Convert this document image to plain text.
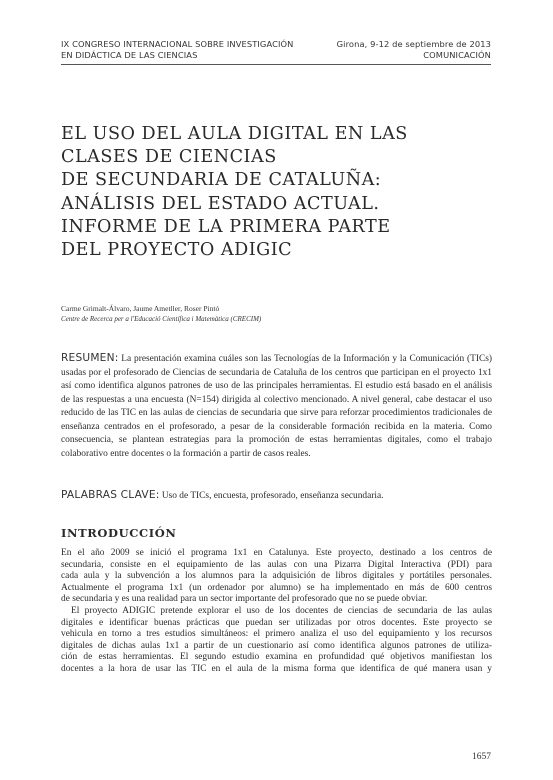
IX CONGRESO INTERNACIONAL SOBRE INVESTIGACIÓN
EN DIDÁCTICA DE LAS CIENCIAS
Girona, 9-12 de septiembre de 2013
COMUNICACIÓN
EL USO DEL AULA DIGITAL EN LAS
CLASES DE CIENCIAS
DE SECUNDARIA DE CATALUÑA:
ANÁLISIS DEL ESTADO ACTUAL.
INFORME DE LA PRIMERA PARTE
DEL PROYECTO ADIGIC
Carme Grimalt-Álvaro, Jaume Ametller, Roser Pintó
Centre de Recerca per a l'Educació Científica i Matemàtica (CRECIM)

RESUMEN: La presentación examina cuáles son las Tecnologías de la Información y la Comunicación (TICs) usadas por el profesorado de Ciencias de secundaria de Cataluña de los centros que participan en el proyecto 1x1 así como identifica algunos patrones de uso de las principales herramientas. El estudio está basado en el análisis de las respuestas a una encuesta (N=154) dirigida al colectivo mencionado. A nivel general, cabe destacar el uso reducido de las TIC en las aulas de ciencias de secundaria que sirve para reforzar procedimientos tradicionales de enseñanza centrados en el profesorado, a pesar de la considerable formación recibida en la materia. Como consecuencia, se plantean estrategias para la promoción de estas herramientas digitales, como el trabajo colaborativo entre docentes o la formación a partir de casos reales.

PALABRAS CLAVE: Uso de TICs, encuesta, profesorado, enseñanza secundaria.

INTRODUCCIÓN
En el año 2009 se inició el programa 1x1 en Catalunya. Este proyecto, destinado a los centros de
secundaria, consiste en el equipamiento de las aulas con una Pizarra Digital Interactiva (PDI) para
cada aula y la subvención a los alumnos para la adquisición de libros digitales y portátiles personales.
Actualmente el programa 1x1 (un ordenador por alumno) se ha implementado en más de 600 centros
de secundaria y es una realidad para un sector importante del profesorado que no se puede obviar.
El proyecto ADIGIC pretende explorar el uso de los docentes de ciencias de secundaria de las aulas
digitales e identificar buenas prácticas que puedan ser utilizadas por otros docentes. Este proyecto se
vehicula en torno a tres estudios simultáneos: el primero analiza el uso del equipamiento y los recursos
digitales de dichas aulas 1x1 a partir de un cuestionario así como identifica algunos patrones de utiliza-
ción de estas herramientas. El segundo estudio examina en profundidad qué objetivos manifiestan los
docentes a la hora de usar las TIC en el aula de la misma forma que identifica de qué manera usan y
1657
